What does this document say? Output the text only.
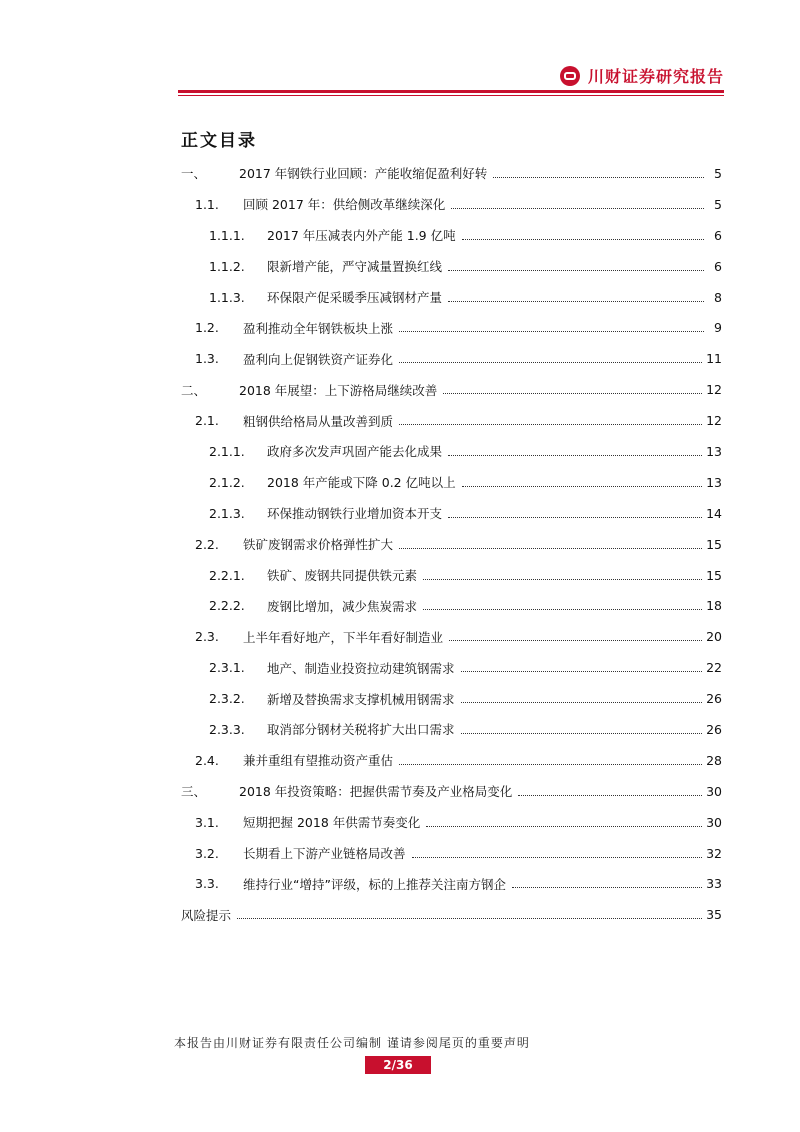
川财证券研究报告
正文目录
一、	2017 年钢铁行业回顾：产能收缩促盈利好转	5
1.1.	回顾 2017 年：供给侧改革继续深化	5
1.1.1.	2017 年压减表内外产能 1.9 亿吨	6
1.1.2.	限新增产能，严守减量置换红线	6
1.1.3.	环保限产促采暖季压减钢材产量	8
1.2.	盈利推动全年钢铁板块上涨	9
1.3.	盈利向上促钢铁资产证券化	11
二、	2018 年展望：上下游格局继续改善	12
2.1.	粗钢供给格局从量改善到质	12
2.1.1.	政府多次发声巩固产能去化成果	13
2.1.2.	2018 年产能或下降 0.2 亿吨以上	13
2.1.3.	环保推动钢铁行业增加资本开支	14
2.2.	铁矿废钢需求价格弹性扩大	15
2.2.1.	铁矿、废钢共同提供铁元素	15
2.2.2.	废钢比增加，减少焦炭需求	18
2.3.	上半年看好地产，下半年看好制造业	20
2.3.1.	地产、制造业投资拉动建筑钢需求	22
2.3.2.	新增及替换需求支撑机械用钢需求	26
2.3.3.	取消部分钢材关税将扩大出口需求	26
2.4.	兼并重组有望推动资产重估	28
三、	2018 年投资策略：把握供需节奏及产业格局变化	30
3.1.	短期把握 2018 年供需节奏变化	30
3.2.	长期看上下游产业链格局改善	32
3.3.	维持行业“增持”评级，标的上推荐关注南方钢企	33
风险提示	35
本报告由川财证券有限责任公司编制 谨请参阅尾页的重要声明
2/36
